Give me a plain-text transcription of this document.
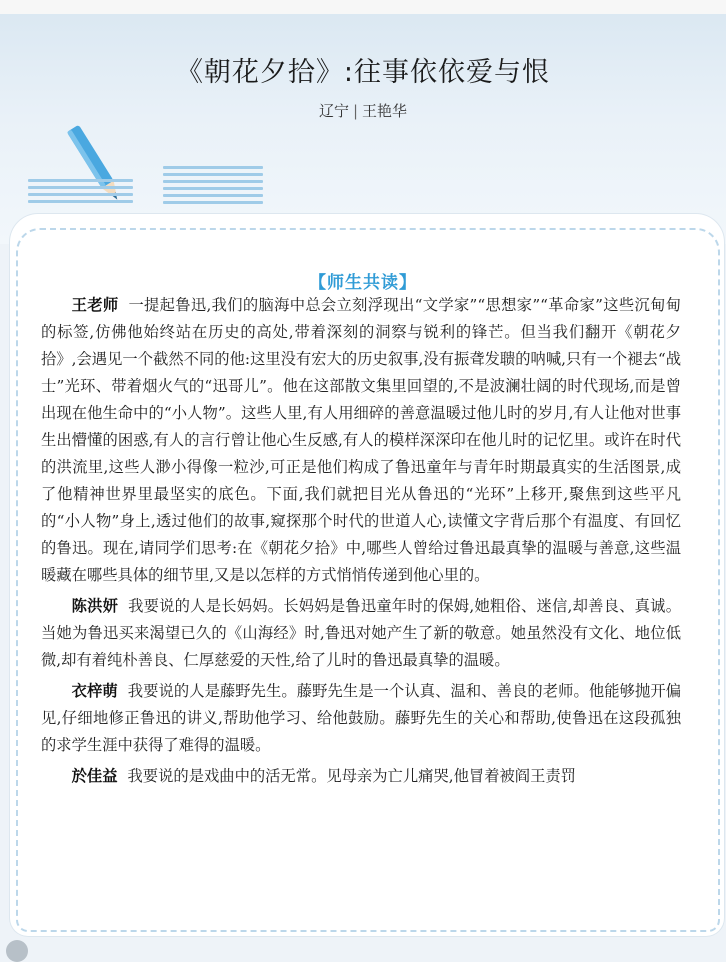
《朝花夕拾》:往事依依爱与恨
辽宁 | 王艳华
【师生共读】

王老师 一提起鲁迅,我们的脑海中总会立刻浮现出“文学家”“思想家”“革命家”这些沉甸甸的标签,仿佛他始终站在历史的高处,带着深刻的洞察与锐利的锋芒。但当我们翻开《朝花夕拾》,会遇见一个截然不同的他:这里没有宏大的历史叙事,没有振聋发聩的呐喊,只有一个褪去“战士”光环、带着烟火气的“迅哥儿”。他在这部散文集里回望的,不是波澜壮阔的时代现场,而是曾出现在他生命中的“小人物”。这些人里,有人用细碎的善意温暖过他儿时的岁月,有人让他对世事生出懵懂的困惑,有人的言行曾让他心生反感,有人的模样深深印在他儿时的记忆里。或许在时代的洪流里,这些人渺小得像一粒沙,可正是他们构成了鲁迅童年与青年时期最真实的生活图景,成了他精神世界里最坚实的底色。下面,我们就把目光从鲁迅的“光环”上移开,聚焦到这些平凡的“小人物”身上,透过他们的故事,窥探那个时代的世道人心,读懂文字背后那个有温度、有回忆的鲁迅。现在,请同学们思考:在《朝花夕拾》中,哪些人曾给过鲁迅最真挚的温暖与善意,这些温暖藏在哪些具体的细节里,又是以怎样的方式悄悄传递到他心里的。

陈洪妍 我要说的人是长妈妈。长妈妈是鲁迅童年时的保姆,她粗俗、迷信,却善良、真诚。当她为鲁迅买来渴望已久的《山海经》时,鲁迅对她产生了新的敬意。她虽然没有文化、地位低微,却有着纯朴善良、仁厚慈爱的天性,给了儿时的鲁迅最真挚的温暖。

衣梓萌 我要说的人是藤野先生。藤野先生是一个认真、温和、善良的老师。他能够抛开偏见,仔细地修正鲁迅的讲义,帮助他学习、给他鼓励。藤野先生的关心和帮助,使鲁迅在这段孤独的求学生涯中获得了难得的温暖。

於佳益 我要说的是戏曲中的活无常。见母亲为亡儿痛哭,他冒着被阎王责罚
